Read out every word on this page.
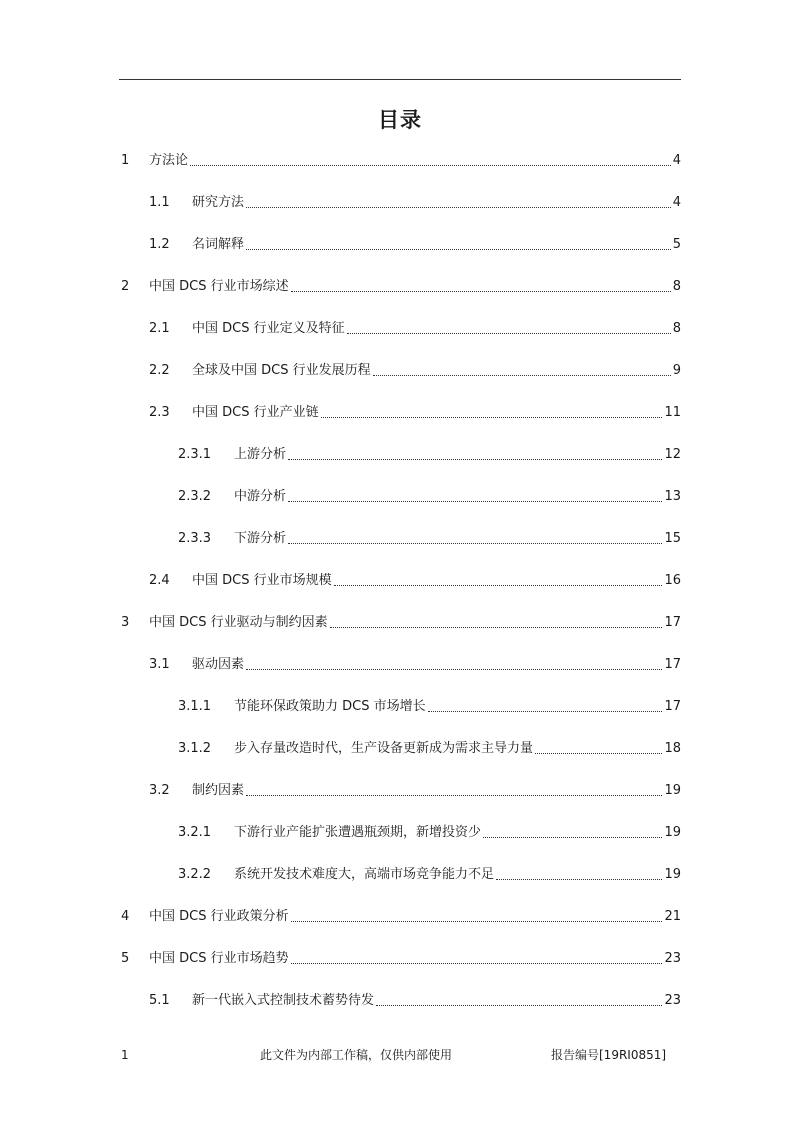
目录
1	方法论	4
1.1	研究方法	4
1.2	名词解释	5
2	中国 DCS 行业市场综述	8
2.1	中国 DCS 行业定义及特征	8
2.2	全球及中国 DCS 行业发展历程	9
2.3	中国 DCS 行业产业链	11
2.3.1	上游分析	12
2.3.2	中游分析	13
2.3.3	下游分析	15
2.4	中国 DCS 行业市场规模	16
3	中国 DCS 行业驱动与制约因素	17
3.1	驱动因素	17
3.1.1	节能环保政策助力 DCS 市场增长	17
3.1.2	步入存量改造时代，生产设备更新成为需求主导力量	18
3.2	制约因素	19
3.2.1	下游行业产能扩张遭遇瓶颈期，新增投资少	19
3.2.2	系统开发技术难度大，高端市场竞争能力不足	19
4	中国 DCS 行业政策分析	21
5	中国 DCS 行业市场趋势	23
5.1	新一代嵌入式控制技术蓄势待发	23
1	此文件为内部工作稿，仅供内部使用	报告编号[19RI0851]
